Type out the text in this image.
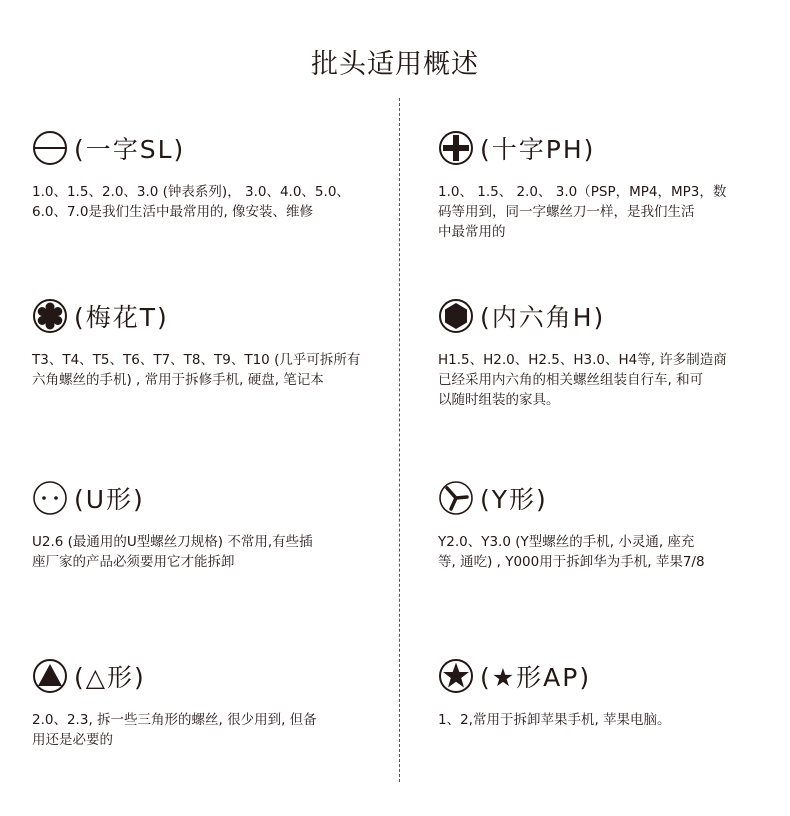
批头适用概述
(一字SL)
1.0、1.5、2.0、3.0 (钟表系列)， 3.0、4.0、5.0、
6.0、7.0是我们生活中最常用的, 像安装、维修
(十字PH)
1.0、 1.5、 2.0、 3.0（PSP，MP4，MP3，数
码等用到，同一字螺丝刀一样，是我们生活
中最常用的
(梅花T)
T3、T4、T5、T6、T7、T8、T9、T10 (几乎可拆所有
六角螺丝的手机) , 常用于拆修手机, 硬盘, 笔记本
(内六角H)
H1.5、H2.0、H2.5、H3.0、H4等, 许多制造商
已经采用内六角的相关螺丝组装自行车, 和可
以随时组装的家具。
(U形)
U2.6 (最通用的U型螺丝刀规格) 不常用,有些插
座厂家的产品必须要用它才能拆卸
(Y形)
Y2.0、Y3.0 (Y型螺丝的手机, 小灵通, 座充
等, 通吃) , Y000用于拆卸华为手机, 苹果7/8
(△形)
2.0、2.3, 拆一些三角形的螺丝, 很少用到, 但备
用还是必要的
(★形AP)
1、2,常用于拆卸苹果手机, 苹果电脑。
